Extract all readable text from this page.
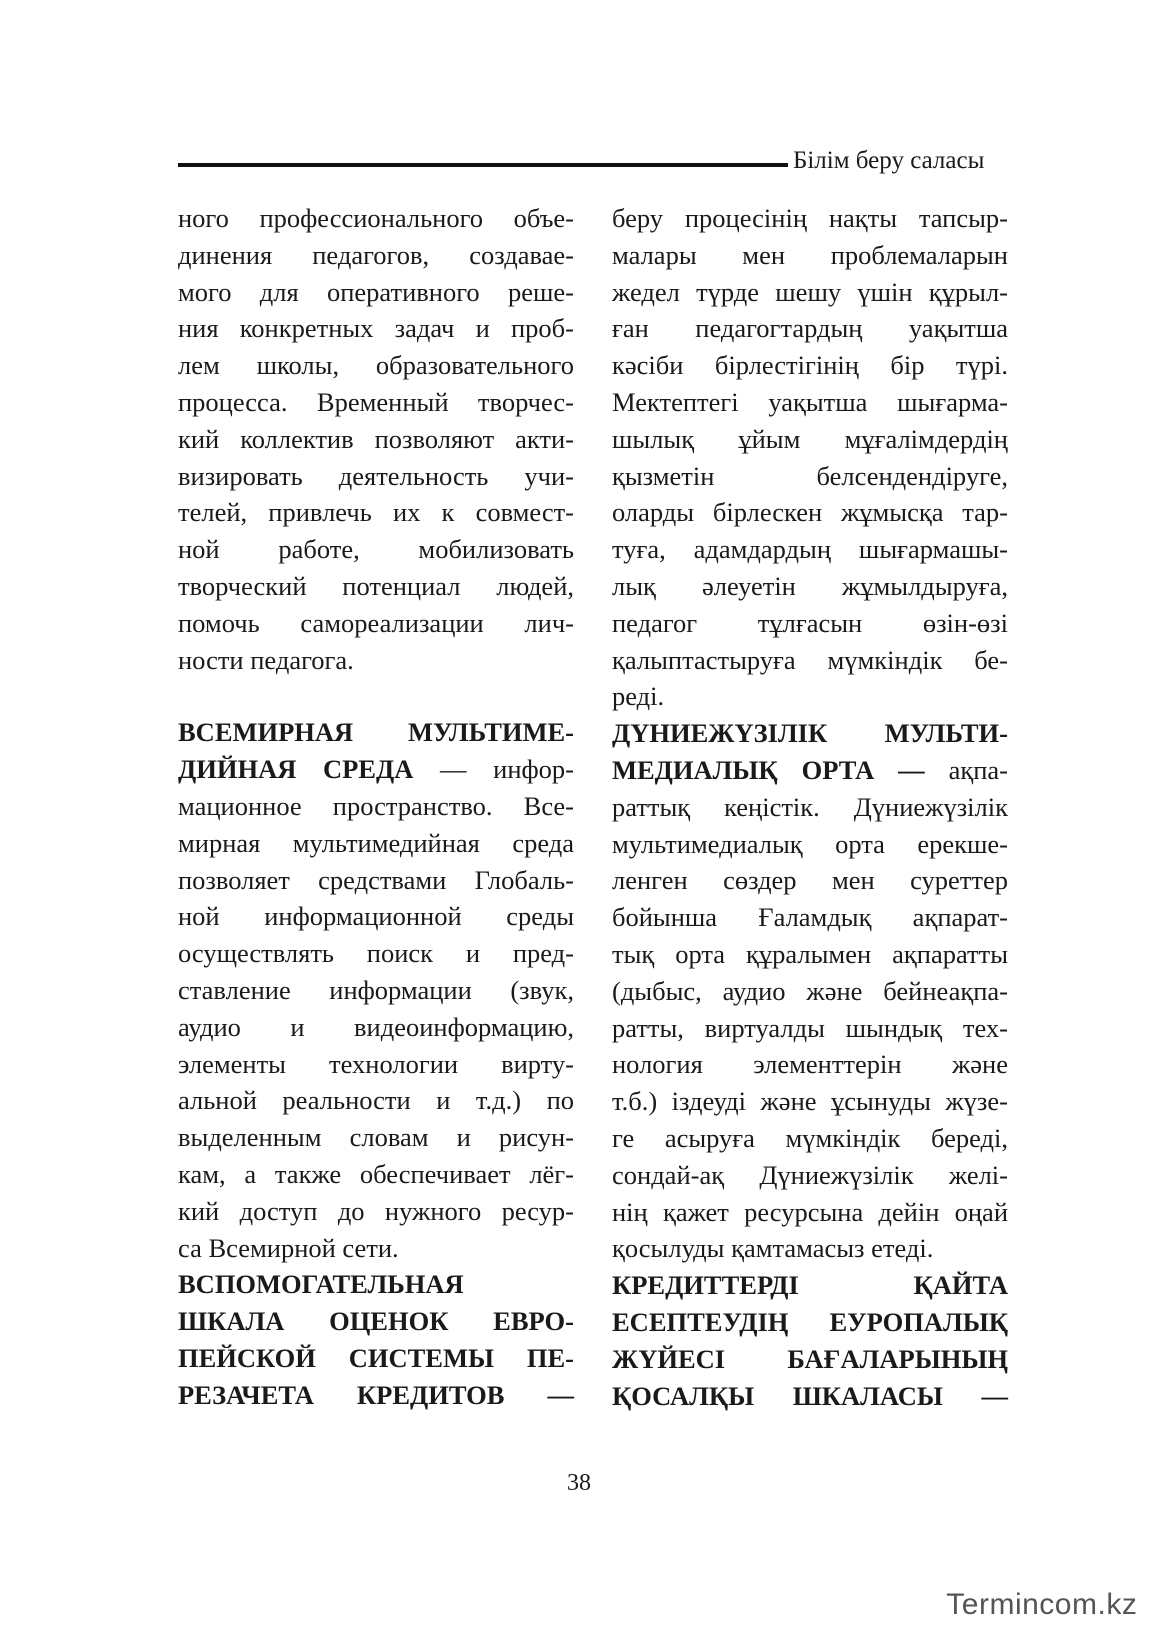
Білім беру саласы
ного профессионального объе-
динения педагогов, создавае-
мого для оперативного реше-
ния конкретных задач и проб-
лем школы, образовательного
процесса. Временный творчес-
кий коллектив позволяют акти-
визировать деятельность учи-
телей, привлечь их к совмест-
ной работе, мобилизовать
творческий потенциал людей,
помочь самореализации лич-
ности педагога.
ВСЕМИРНАЯ МУЛЬТИМЕ-
ДИЙНАЯ СРЕДА — инфор-
мационное пространство. Все-
мирная мультимедийная среда
позволяет средствами Глобаль-
ной информационной среды
осуществлять поиск и пред-
ставление информации (звук,
аудио и видеоинформацию,
элементы технологии вирту-
альной реальности и т.д.) по
выделенным словам и рисун-
кам, а также обеспечивает лёг-
кий доступ до нужного ресур-
са Всемирной сети.
ВСПОМОГАТЕЛЬНАЯ
ШКАЛА ОЦЕНОК ЕВРО-
ПЕЙСКОЙ СИСТЕМЫ ПЕ-
РЕЗАЧЕТА КРЕДИТОВ —
беру процесінің нақты тапсыр-
малары мен проблемаларын
жедел түрде шешу үшін құрыл-
ған педагогтардың уақытша
кәсіби бірлестігінің бір түрі.
Мектептегі уақытша шығарма-
шылық ұйым мұғалімдердің
қызметін белсендендіруге,
оларды бірлескен жұмысқа тар-
туға, адамдардың шығармашы-
лық әлеуетін жұмылдыруға,
педагог тұлғасын өзін-өзі
қалыптастыруға мүмкіндік бе-
реді.
ДҮНИЕЖҮЗІЛІК МУЛЬТИ-
МЕДИАЛЫҚ ОРТА — ақпа-
раттық кеңістік. Дүниежүзілік
мультимедиалық орта ерекше-
ленген сөздер мен суреттер
бойынша Ғаламдық ақпарат-
тық орта құралымен ақпаратты
(дыбыс, аудио және бейнеақпа-
ратты, виртуалды шындық тех-
нология элементтерін және
т.б.) іздеуді және ұсынуды жүзе-
ге асыруға мүмкіндік береді,
сондай-ақ Дүниежүзілік желі-
нің қажет ресурсына дейін оңай
қосылуды қамтамасыз етеді.
КРЕДИТТЕРДІ ҚАЙТА
ЕСЕПТЕУДІҢ ЕУРОПАЛЫҚ
ЖҮЙЕСІ БАҒАЛАРЫНЫҢ
ҚОСАЛҚЫ ШКАЛАСЫ —
38
Termincom.kz
